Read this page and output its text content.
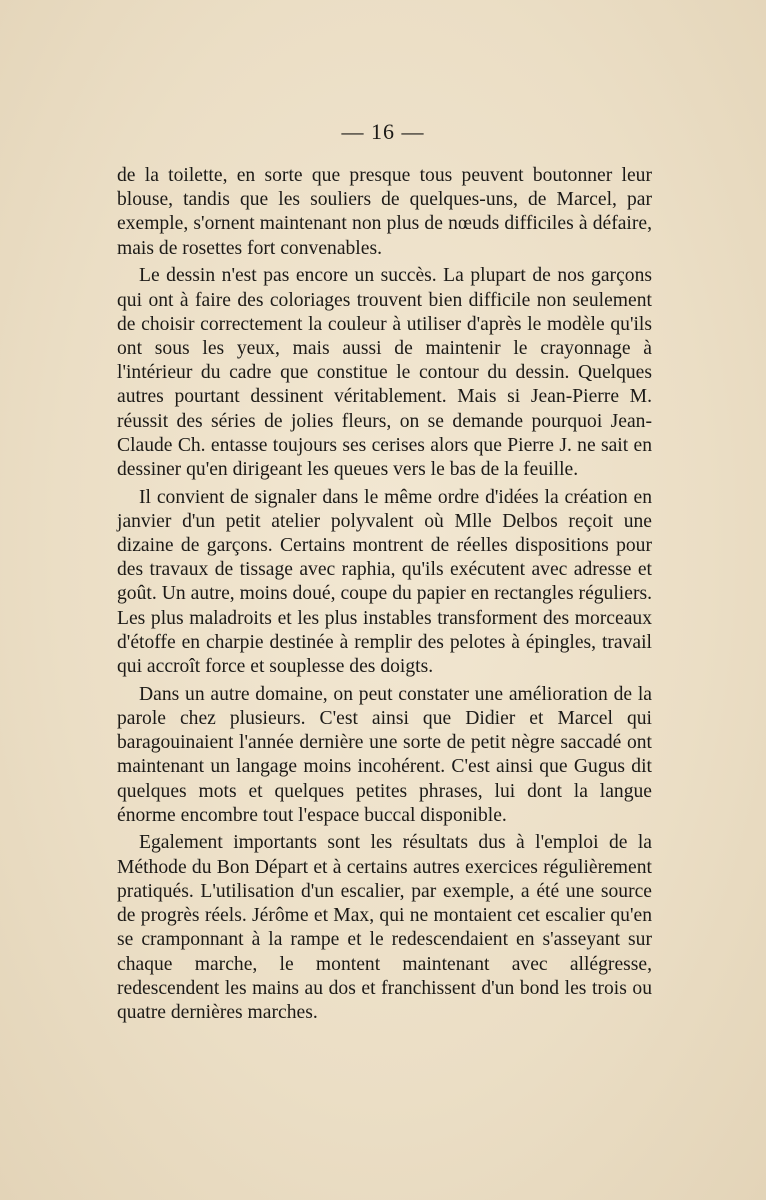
— 16 —

de la toilette, en sorte que presque tous peuvent boutonner leur blouse, tandis que les souliers de quelques-uns, de Marcel, par exemple, s'ornent maintenant non plus de nœuds difficiles à défaire, mais de rosettes fort convenables.

Le dessin n'est pas encore un succès. La plupart de nos garçons qui ont à faire des coloriages trouvent bien difficile non seulement de choisir correctement la couleur à utiliser d'après le modèle qu'ils ont sous les yeux, mais aussi de maintenir le crayonnage à l'intérieur du cadre que constitue le contour du dessin. Quelques autres pourtant dessinent véritablement. Mais si Jean-Pierre M. réussit des séries de jolies fleurs, on se demande pourquoi Jean-Claude Ch. entasse toujours ses cerises alors que Pierre J. ne sait en dessiner qu'en dirigeant les queues vers le bas de la feuille.

Il convient de signaler dans le même ordre d'idées la création en janvier d'un petit atelier polyvalent où Mlle Delbos reçoit une dizaine de garçons. Certains montrent de réelles dispositions pour des travaux de tissage avec raphia, qu'ils exécutent avec adresse et goût. Un autre, moins doué, coupe du papier en rectangles réguliers. Les plus maladroits et les plus instables transforment des morceaux d'étoffe en charpie destinée à remplir des pelotes à épingles, travail qui accroît force et souplesse des doigts.

Dans un autre domaine, on peut constater une amélioration de la parole chez plusieurs. C'est ainsi que Didier et Marcel qui baragouinaient l'année dernière une sorte de petit nègre saccadé ont maintenant un langage moins incohérent. C'est ainsi que Gugus dit quelques mots et quelques petites phrases, lui dont la langue énorme encombre tout l'espace buccal disponible.

Egalement importants sont les résultats dus à l'emploi de la Méthode du Bon Départ et à certains autres exercices régulièrement pratiqués. L'utilisation d'un escalier, par exemple, a été une source de progrès réels. Jérôme et Max, qui ne montaient cet escalier qu'en se cramponnant à la rampe et le redescendaient en s'asseyant sur chaque marche, le montent maintenant avec allégresse, redescendent les mains au dos et franchissent d'un bond les trois ou quatre dernières marches.
